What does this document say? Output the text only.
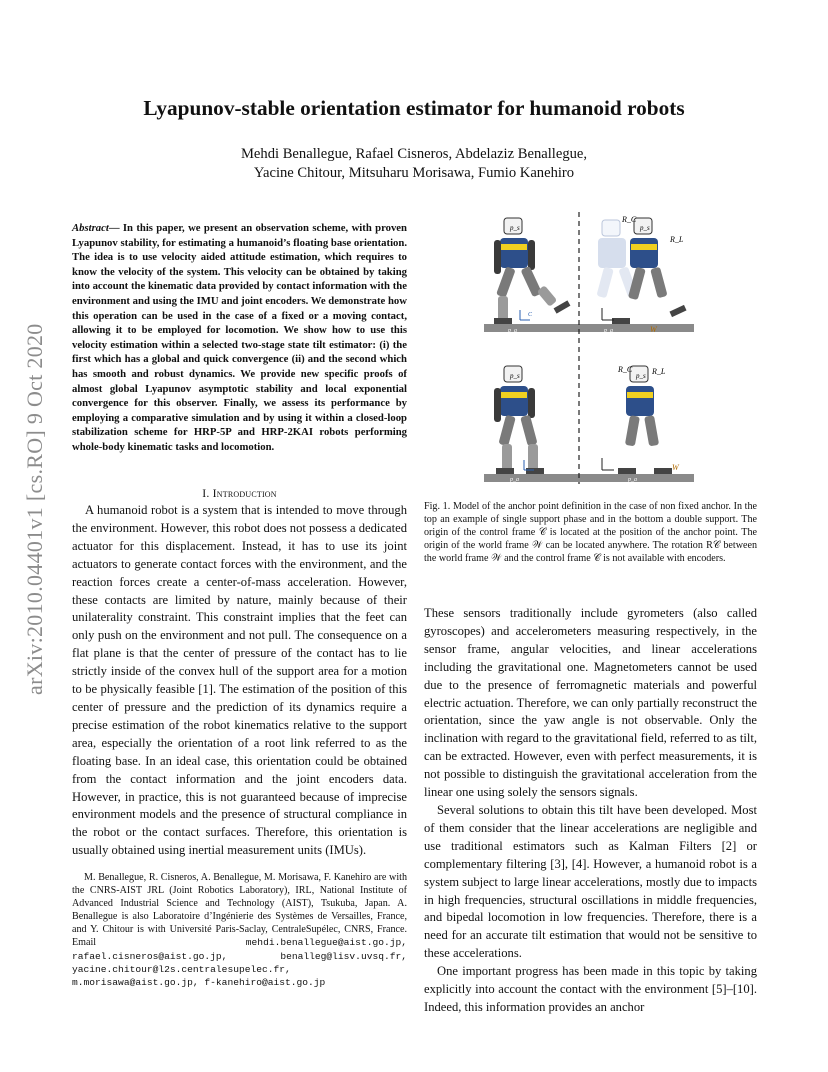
arXiv:2010.04401v1 [cs.RO] 9 Oct 2020
Lyapunov-stable orientation estimator for humanoid robots
Mehdi Benallegue, Rafael Cisneros, Abdelaziz Benallegue,
Yacine Chitour, Mitsuharu Morisawa, Fumio Kanehiro
Abstract— In this paper, we present an observation scheme, with proven Lyapunov stability, for estimating a humanoid’s floating base orientation. The idea is to use velocity aided attitude estimation, which requires to know the velocity of the system. This velocity can be obtained by taking into account the kinematic data provided by contact information with the environment and using the IMU and joint encoders. We demonstrate how this operation can be used in the case of a fixed or a moving contact, allowing it to be employed for locomotion. We show how to use this velocity estimation within a selected two-stage state tilt estimator: (i) the first which has a global and quick convergence (ii) and the second which has smooth and robust dynamics. We provide new specific proofs of almost global Lyapunov asymptotic stability and local exponential convergence for this observer. Finally, we assess its performance by employing a comparative simulation and by using it within a closed-loop stabilization scheme for HRP-5P and HRP-2KAI robots performing whole-body kinematic tasks and locomotion.
I. Introduction

A humanoid robot is a system that is intended to move through the environment. However, this robot does not possess a dedicated actuator for this displacement. Instead, it has to use its joint actuators to generate contact forces with the environment, and the reaction forces create a center-of-mass acceleration. However, these contacts are limited by nature, mainly because of their unilaterality constraint. This constraint implies that the feet can only push on the environment and not pull. The consequence on a flat plane is that the center of pressure of the contact has to lie strictly inside of the convex hull of the support area for a motion to be physically feasible [1]. The estimation of the position of this center of pressure and the prediction of its dynamics require a precise estimation of the robot kinematics relative to the support area, especially the orientation of a root link referred to as the floating base. In an ideal case, this orientation could be obtained from the contact information and the joint encoders data. However, in practice, this is not guaranteed because of imprecise environment models and the presence of structural compliance in the robot or the contact surfaces. Therefore, this orientation is usually obtained using inertial measurement units (IMUs).

M. Benallegue, R. Cisneros, A. Benallegue, M. Morisawa, F. Kanehiro are with the CNRS-AIST JRL (Joint Robotics Laboratory), IRL, National Institute of Advanced Industrial Science and Technology (AIST), Tsukuba, Japan. A. Benallegue is also Laboratoire d’Ingénierie des Systèmes de Versailles, France, and Y. Chitour is with Université Paris-Saclay, CentraleSupélec, CNRS, France. Email	mehdi.benallegue@aist.go.jp, rafael.cisneros@aist.go.jp, benalleg@lisv.uvsq.fr, yacine.chitour@l2s.centralesupelec.fr, m.morisawa@aist.go.jp, f-kanehiro@aist.go.jp
p_s	p_s
p_s	p_s
R_C
R_L
R_C R_L
W
W
C
p_a	p_a
p_a	p_a
Fig. 1. Model of the anchor point definition in the case of non fixed anchor. In the top an example of single support phase and in the bottom a double support. The origin of the control frame 𝒞 is located at the position of the anchor point. The origin of the world frame 𝒲 can be located anywhere. The rotation R𝒞 between the world frame 𝒲 and the control frame 𝒞 is not available with encoders.

These sensors traditionally include gyrometers (also called gyroscopes) and accelerometers measuring respectively, in the sensor frame, angular velocities, and linear accelerations including the gravitational one. Magnetometers cannot be used due to the presence of ferromagnetic materials and powerful electric actuation. Therefore, we can only partially reconstruct the orientation, since the yaw angle is not observable. Only the inclination with regard to the gravitational field, referred to as tilt, can be extracted. However, even with perfect measurements, it is not possible to distinguish the gravitational acceleration from the linear one using solely the sensors signals.

Several solutions to obtain this tilt have been developed. Most of them consider that the linear accelerations are negligible and use traditional estimators such as Kalman Filters [2] or complementary filtering [3], [4]. However, a humanoid robot is a system subject to large linear accelerations, mostly due to impacts in high frequencies, structural oscillations in middle frequencies, and bipedal locomotion in low frequencies. Therefore, there is a need for an accurate tilt estimation that would not be sensitive to these accelerations.

One important progress has been made in this topic by taking explicitly into account the contact with the environment [5]–[10]. Indeed, this information provides an anchor
